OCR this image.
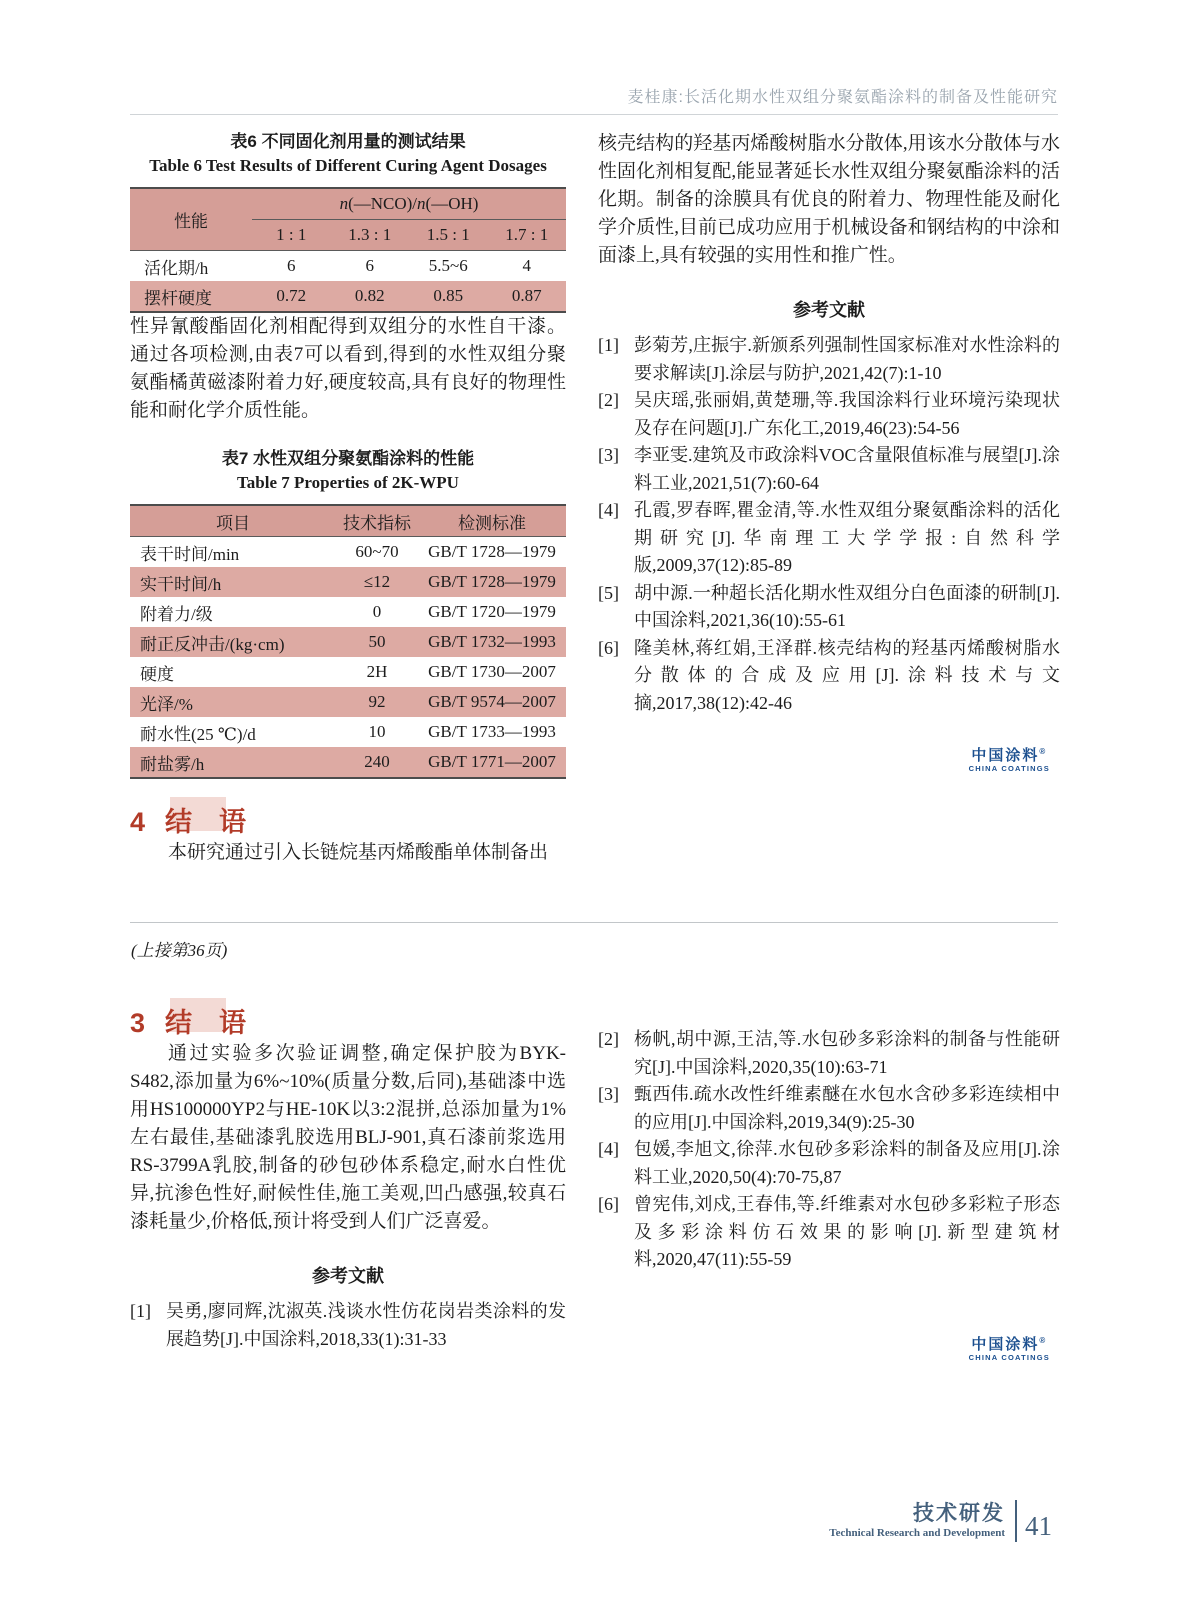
麦桂康:长活化期水性双组分聚氨酯涂料的制备及性能研究
表6 不同固化剂用量的测试结果
Table 6 Test Results of Different Curing Agent Dosages
性能
n (—NCO)/ n (—OH)
1 : 1	1.3 : 1	1.5 : 1	1.7 : 1
活化期/h	6	6	5.5~6	4
摆杆硬度	0.72	0.82	0.85	0.87

性异氰酸酯固化剂相配得到双组分的水性自干漆。通过各项检测,由表7可以看到,得到的水性双组分聚氨酯橘黄磁漆附着力好,硬度较高,具有良好的物理性能和耐化学介质性能。

表7 水性双组分聚氨酯涂料的性能
Table 7 Properties of 2K-WPU
项目	技术指标	检测标准
表干时间/min	60~70	GB/T 1728—1979
实干时间/h	≤12	GB/T 1728—1979
附着力/级	0	GB/T 1720—1979
耐正反冲击/(kg·cm)	50	GB/T 1732—1993
硬度	2H	GB/T 1730—2007
光泽/%	92	GB/T 9574—2007
耐水性(25 ℃)/d	10	GB/T 1733—1993
耐盐雾/h	240	GB/T 1771—2007
4 结　语

本研究通过引入长链烷基丙烯酸酯单体制备出

核壳结构的羟基丙烯酸树脂水分散体,用该水分散体与水性固化剂相复配,能显著延长水性双组分聚氨酯涂料的活化期。制备的涂膜具有优良的附着力、物理性能及耐化学介质性,目前已成功应用于机械设备和钢结构的中涂和面漆上,具有较强的实用性和推广性。

参考文献
[1] 彭菊芳,庄振宇.新颁系列强制性国家标准对水性涂料的要求解读[J].涂层与防护,2021,42(7):1-10
[2] 吴庆瑶,张丽娟,黄楚珊,等.我国涂料行业环境污染现状及存在问题[J].广东化工,2019,46(23):54-56
[3] 李亚雯.建筑及市政涂料VOC含量限值标准与展望[J].涂料工业,2021,51(7):60-64
[4] 孔霞,罗春晖,瞿金清,等.水性双组分聚氨酯涂料的活化期研究[J].华南理工大学学报:自然科学版,2009,37(12):85-89
[5] 胡中源.一种超长活化期水性双组分白色面漆的研制[J].中国涂料,2021,36(10):55-61
[6] 隆美林,蒋红娟,王泽群.核壳结构的羟基丙烯酸树脂水分散体的合成及应用[J].涂料技术与文摘,2017,38(12):42-46
中国涂料®
CHINA COATINGS

(上接第36页)

3 结　语

通过实验多次验证调整,确定保护胶为BYK-S482,添加量为6%~10%(质量分数,后同),基础漆中选用HS100000YP2与HE-10K以3:2混拼,总添加量为1%左右最佳,基础漆乳胶选用BLJ-901,真石漆前浆选用RS-3799A乳胶,制备的砂包砂体系稳定,耐水白性优异,抗渗色性好,耐候性佳,施工美观,凹凸感强,较真石漆耗量少,价格低,预计将受到人们广泛喜爱。

参考文献
[1] 吴勇,廖同辉,沈淑英.浅谈水性仿花岗岩类涂料的发展趋势[J].中国涂料,2018,33(1):31-33
[2] 杨帆,胡中源,王洁,等.水包砂多彩涂料的制备与性能研究[J].中国涂料,2020,35(10):63-71
[3] 甄西伟.疏水改性纤维素醚在水包水含砂多彩连续相中的应用[J].中国涂料,2019,34(9):25-30
[4] 包媛,李旭文,徐萍.水包砂多彩涂料的制备及应用[J].涂料工业,2020,50(4):70-75,87
[6] 曾宪伟,刘戍,王春伟,等.纤维素对水包砂多彩粒子形态及多彩涂料仿石效果的影响[J].新型建筑材料,2020,47(11):55-59
中国涂料®
CHINA COATINGS
技术研发
Technical Research and Development 41
